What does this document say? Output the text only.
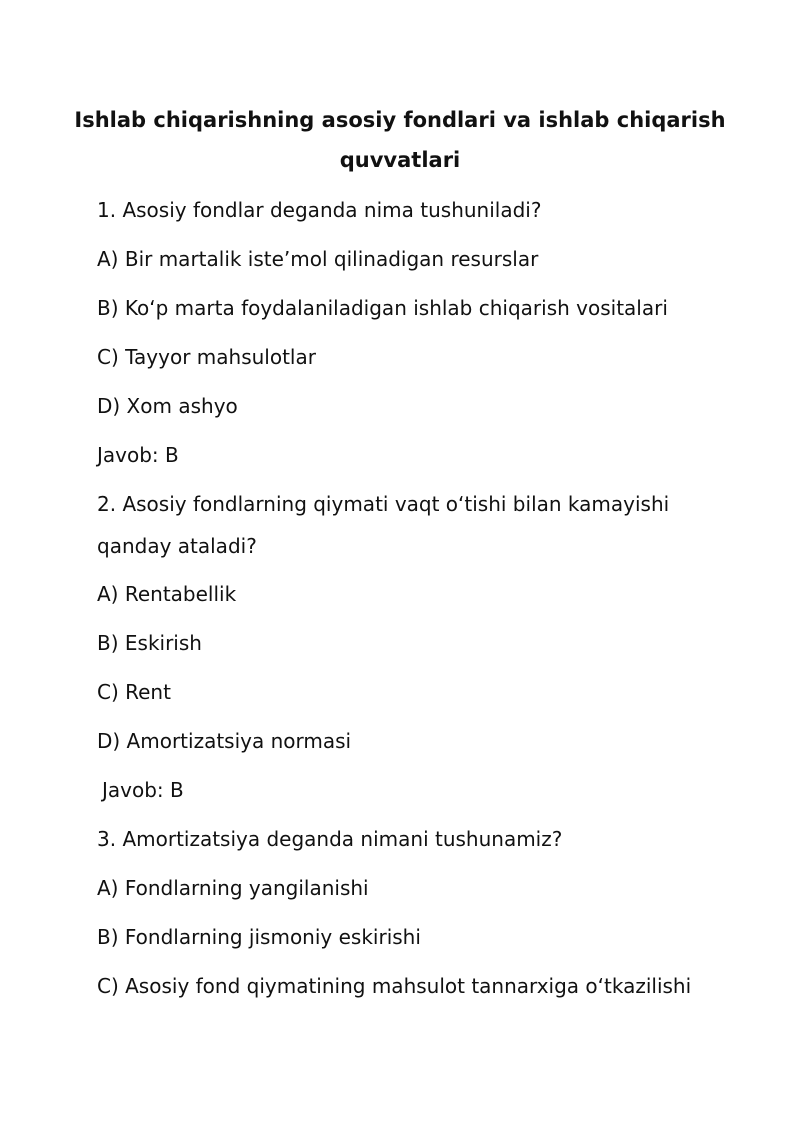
Ishlab chiqarishning asosiy fondlari va ishlab chiqarish
quvvatlari

1. Asosiy fondlar deganda nima tushuniladi?

A) Bir martalik iste’mol qilinadigan resurslar

B) Ko‘p marta foydalaniladigan ishlab chiqarish vositalari

C) Tayyor mahsulotlar

D) Xom ashyo

Javob: B

2. Asosiy fondlarning qiymati vaqt o‘tishi bilan kamayishi

qanday ataladi?

A) Rentabellik

B) Eskirish

C) Rent

D) Amortizatsiya normasi

Javob: B

3. Amortizatsiya deganda nimani tushunamiz?

A) Fondlarning yangilanishi

B) Fondlarning jismoniy eskirishi

C) Asosiy fond qiymatining mahsulot tannarxiga o‘tkazilishi
